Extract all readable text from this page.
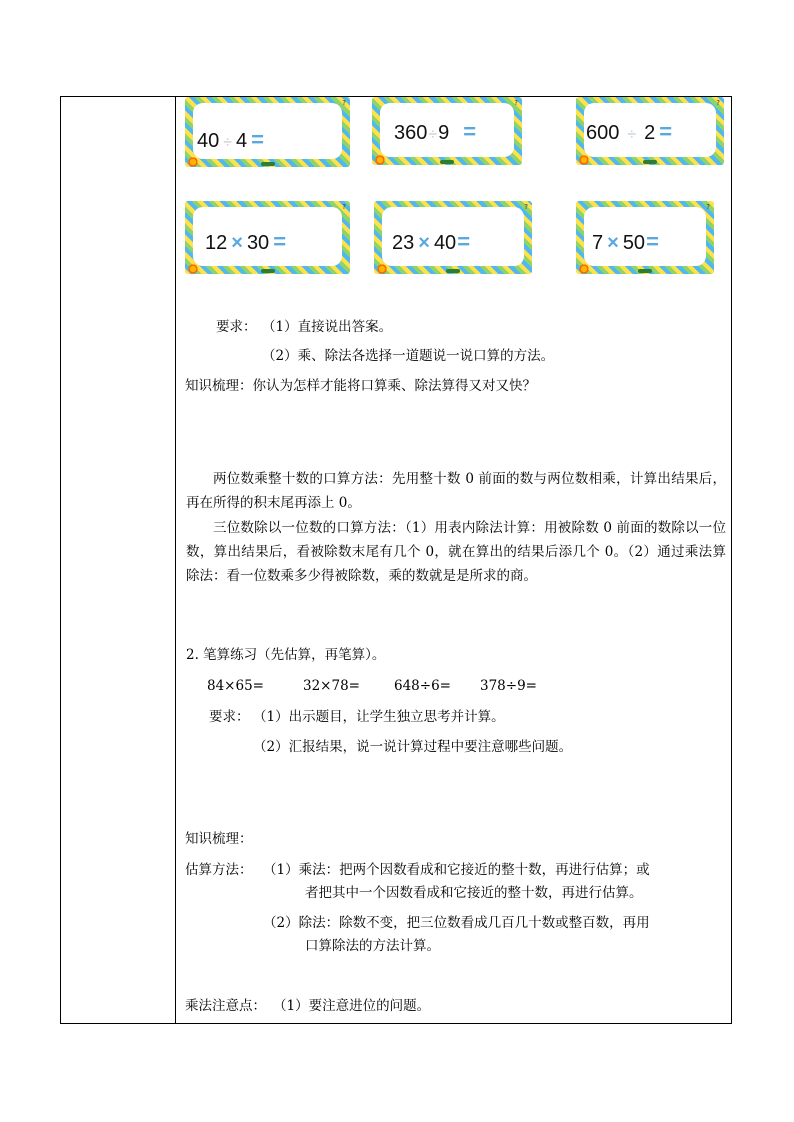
?
40 ÷ 4 =
?
360÷9 =
?
600 ÷ 2 =
?
12 × 30 =
?
23 × 40=
?
7 × 50=
要求： （1）直接说出答案。
（2）乘、除法各选择一道题说一说口算的方法。
知识梳理：你认为怎样才能将口算乘、除法算得又对又快？
两位数乘整十数的口算方法：先用整十数 0 前面的数与两位数相乘，计算出结果后，再在所得的积末尾再添上 0。
三位数除以一位数的口算方法：（1）用表内除法计算：用被除数 0 前面的数除以一位数，算出结果后，看被除数末尾有几个 0，就在算出的结果后添几个 0。（2）通过乘法算除法：看一位数乘多少得被除数，乘的数就是是所求的商。
2. 笔算练习（先估算，再笔算）。
84×65=	32×78=	648÷6= 378÷9=
要求： （1）出示题目，让学生独立思考并计算。
（2）汇报结果，说一说计算过程中要注意哪些问题。
知识梳理：
估算方法： （1）乘法：把两个因数看成和它接近的整十数，再进行估算；或
者把其中一个因数看成和它接近的整十数，再进行估算。
（2）除法：除数不变，把三位数看成几百几十数或整百数，再用
口算除法的方法计算。
乘法注意点： （1）要注意进位的问题。
